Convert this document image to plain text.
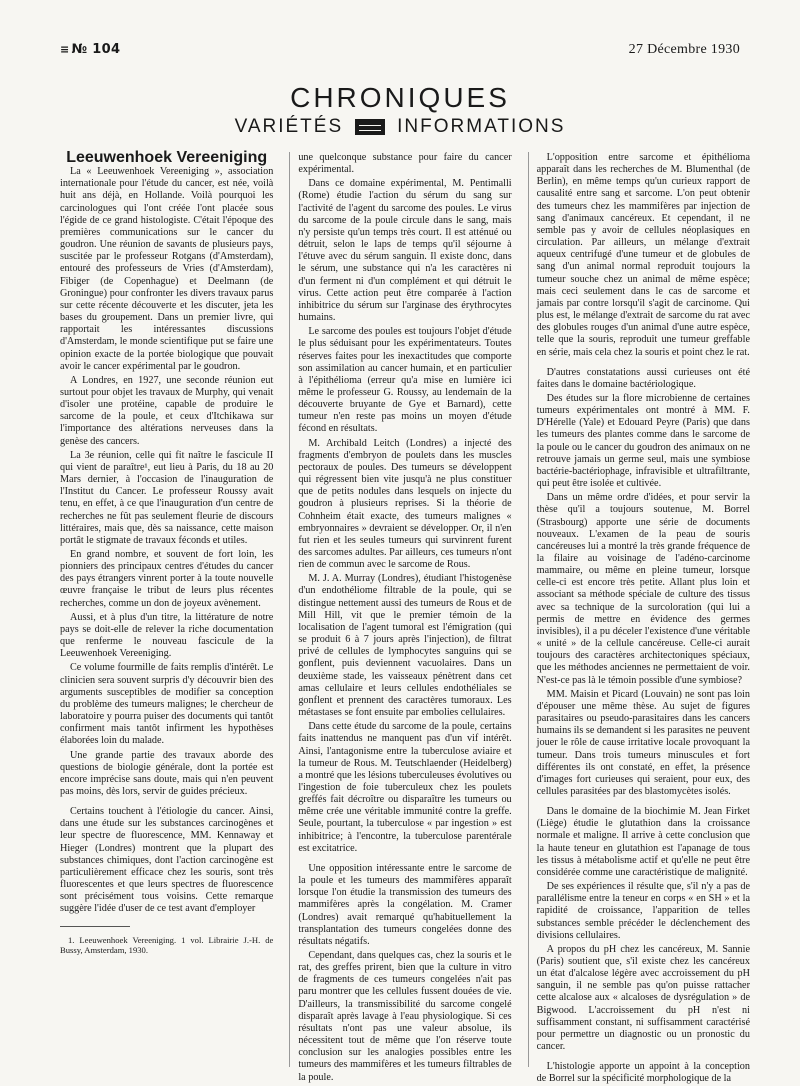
≡ № 104	27 Décembre 1930
CHRONIQUES
VARIÉTÉS	INFORMATIONS

Leeuwenhoek Vereeniging

La « Leeuwenhoek Vereeniging », association internationale pour l'étude du cancer, est née, voilà huit ans déjà, en Hollande. Voilà pourquoi les carcinologues qui l'ont créée l'ont placée sous l'égide de ce grand histologiste. C'était l'époque des premières communications sur le cancer du goudron. Une réunion de savants de plusieurs pays, suscitée par le professeur Rotgans (d'Amsterdam), entouré des professeurs de Vries (d'Amsterdam), Fibiger (de Copenhague) et Deelmann (de Groningue) pour confronter les divers travaux parus sur cette récente découverte et les discuter, jeta les bases du groupement. Dans un premier livre, qui rapportait les intéressantes discussions d'Amsterdam, le monde scientifique put se faire une opinion exacte de la portée biologique que pouvait avoir le cancer expérimental par le goudron.

A Londres, en 1927, une seconde réunion eut surtout pour objet les travaux de Murphy, qui venait d'isoler une protéine, capable de produire le sarcome de la poule, et ceux d'Itchikawa sur l'importance des altérations nerveuses dans la genèse des cancers.

La 3e réunion, celle qui fit naître le fascicule II qui vient de paraître¹, eut lieu à Paris, du 18 au 20 Mars dernier, à l'occasion de l'inauguration de l'Institut du Cancer. Le professeur Roussy avait tenu, en effet, à ce que l'inauguration d'un centre de recherches ne fût pas seulement fleurie de discours littéraires, mais que, dès sa naissance, cette maison portât le stigmate de travaux féconds et utiles.

En grand nombre, et souvent de fort loin, les pionniers des principaux centres d'études du cancer des pays étrangers vinrent porter à la toute nouvelle œuvre française le tribut de leurs plus récentes recherches, comme un don de joyeux avènement.

Aussi, et à plus d'un titre, la littérature de notre pays se doit-elle de relever la riche documentation que renferme le nouveau fascicule de la Leeuwenhoek Vereeniging.

Ce volume fourmille de faits remplis d'intérêt. Le clinicien sera souvent surpris d'y découvrir bien des arguments susceptibles de modifier sa conception du problème des tumeurs malignes; le chercheur de laboratoire y pourra puiser des documents qui tantôt confirment mais tantôt infirment les hypothèses élaborées loin du malade.

Une grande partie des travaux aborde des questions de biologie générale, dont la portée est encore imprécise sans doute, mais qui n'en peuvent pas moins, dès lors, servir de guides précieux.

Certains touchent à l'étiologie du cancer. Ainsi, dans une étude sur les substances carcinogènes et leur spectre de fluorescence, MM. Kennaway et Hieger (Londres) montrent que la plupart des substances chimiques, dont l'action carcinogène est particulièrement efficace chez les souris, sont très fluorescentes et que leurs spectres de fluorescence sont précisément tous voisins. Cette remarque suggère l'idée d'user de ce test avant d'employer

1. Leeuwenhoek Vereeniging. 1 vol. Librairie J.-H. de Bussy, Amsterdam, 1930.

une quelconque substance pour faire du cancer expérimental.

Dans ce domaine expérimental, M. Pentimalli (Rome) étudie l'action du sérum du sang sur l'activité de l'agent du sarcome des poules. Le virus du sarcome de la poule circule dans le sang, mais n'y persiste qu'un temps très court. Il est atténué ou détruit, selon le laps de temps qu'il séjourne à l'étuve avec du sérum sanguin. Il existe donc, dans le sérum, une substance qui n'a les caractères ni d'un ferment ni d'un complément et qui détruit le virus. Cette action peut être comparée à l'action inhibitrice du sérum sur l'arginase des érythrocytes humains.

Le sarcome des poules est toujours l'objet d'étude le plus séduisant pour les expérimentateurs. Toutes réserves faites pour les inexactitudes que comporte son assimilation au cancer humain, et en particulier à l'épithélioma (erreur qu'a mise en lumière ici même le professeur G. Roussy, au lendemain de la découverte bruyante de Gye et Barnard), cette tumeur n'en reste pas moins un moyen d'étude fécond en résultats.

M. Archibald Leitch (Londres) a injecté des fragments d'embryon de poulets dans les muscles pectoraux de poules. Des tumeurs se développent qui régressent bien vite jusqu'à ne plus constituer que de petits nodules dans lesquels on injecte du goudron à plusieurs reprises. Si la théorie de Cohnheim était exacte, des tumeurs malignes « embryonnaires » devraient se développer. Or, il n'en fut rien et les seules tumeurs qui survinrent furent des sarcomes adultes. Par ailleurs, ces tumeurs n'ont rien de commun avec le sarcome de Rous.

M. J. A. Murray (Londres), étudiant l'histogenèse d'un endothéliome filtrable de la poule, qui se distingue nettement aussi des tumeurs de Rous et de Mill Hill, vit que le premier témoin de la localisation de l'agent tumoral est l'émigration (qui se produit 6 à 7 jours après l'injection), de filtrat privé de cellules de lymphocytes sanguins qui se gonflent, puis deviennent vacuolaires. Dans un deuxième stade, les vaisseaux pénètrent dans cet amas cellulaire et leurs cellules endothéliales se gonflent et prennent des caractères tumoraux. Les métastases se font ensuite par embolies cellulaires.

Dans cette étude du sarcome de la poule, certains faits inattendus ne manquent pas d'un vif intérêt. Ainsi, l'antagonisme entre la tuberculose aviaire et la tumeur de Rous. M. Teutschlaender (Heidelberg) a montré que les lésions tuberculeuses évolutives ou l'ingestion de foie tuberculeux chez les poulets greffés fait décroître ou disparaître les tumeurs ou même crée une véritable immunité contre la greffe. Seule, pourtant, la tuberculose « par ingestion » est inhibitrice; à l'encontre, la tuberculose parentérale est excitatrice.

Une opposition intéressante entre le sarcome de la poule et les tumeurs des mammifères apparaît lorsque l'on étudie la transmission des tumeurs des mammifères après la congélation. M. Cramer (Londres) avait remarqué qu'habituellement la transplantation des tumeurs congelées donne des résultats négatifs.

Cependant, dans quelques cas, chez la souris et le rat, des greffes prirent, bien que la culture in vitro de fragments de ces tumeurs congelées n'ait pas paru montrer que les cellules fussent douées de vie. D'ailleurs, la transmissibilité du sarcome congelé disparaît après lavage à l'eau physiologique. Si ces résultats n'ont pas une valeur absolue, ils nécessitent tout de même que l'on réserve toute conclusion sur les analogies possibles entre les tumeurs des mammifères et les tumeurs filtrables de la poule.

L'opposition entre sarcome et épithélioma apparaît dans les recherches de M. Blumenthal (de Berlin), en même temps qu'un curieux rapport de causalité entre sang et sarcome. L'on peut obtenir des tumeurs chez les mammifères par injection de sang d'animaux cancéreux. Et cependant, il ne semble pas y avoir de cellules néoplasiques en circulation. Par ailleurs, un mélange d'extrait aqueux centrifugé d'une tumeur et de globules de sang d'un animal normal reproduit toujours la tumeur souche chez un animal de même espèce; mais ceci seulement dans le cas de sarcome et jamais par contre lorsqu'il s'agit de carcinome. Qui plus est, le mélange d'extrait de sarcome du rat avec des globules rouges d'un animal d'une autre espèce, telle que la souris, reproduit une tumeur greffable en série, mais cela chez la souris et point chez le rat.

D'autres constatations aussi curieuses ont été faites dans le domaine bactériologique.

Des études sur la flore microbienne de certaines tumeurs expérimentales ont montré à MM. F. D'Hérelle (Yale) et Edouard Peyre (Paris) que dans les tumeurs des plantes comme dans le sarcome de la poule ou le cancer du goudron des animaux on ne retrouve jamais un germe seul, mais une symbiose bactérie-bactériophage, infravisible et ultrafiltrante, qui peut être isolée et cultivée.

Dans un même ordre d'idées, et pour servir la thèse qu'il a toujours soutenue, M. Borrel (Strasbourg) apporte une série de documents nouveaux. L'examen de la peau de souris cancéreuses lui a montré la très grande fréquence de la filaire au voisinage de l'adéno-carcinome mammaire, ou même en pleine tumeur, lorsque celle-ci est encore très petite. Allant plus loin et associant sa méthode spéciale de culture des tissus avec sa technique de la surcoloration (qui lui a permis de mettre en évidence des germes invisibles), il a pu déceler l'existence d'une véritable « unité » de la cellule cancéreuse. Celle-ci aurait toujours des caractères architectoniques spéciaux, que les méthodes anciennes ne permettaient de voir. N'est-ce pas là le témoin possible d'une symbiose?

MM. Maisin et Picard (Louvain) ne sont pas loin d'épouser une même thèse. Au sujet de figures parasitaires ou pseudo-parasitaires dans les cancers humains ils se demandent si les parasites ne peuvent jouer le rôle de cause irritative locale provoquant la tumeur. Dans trois tumeurs minuscules et fort différentes ils ont constaté, en effet, la présence d'images fort curieuses qui seraient, pour eux, des cellules parasitées par des blastomycètes isolés.

Dans le domaine de la biochimie M. Jean Firket (Liège) étudie le glutathion dans la croissance normale et maligne. Il arrive à cette conclusion que la haute teneur en glutathion est l'apanage de tous les tissus à métabolisme actif et qu'elle ne peut être considérée comme une caractéristique de malignité.

De ses expériences il résulte que, s'il n'y a pas de parallélisme entre la teneur en corps « en SH » et la rapidité de croissance, l'apparition de telles substances semble précéder le déclenchement des divisions cellulaires.

A propos du pH chez les cancéreux, M. Sannie (Paris) soutient que, s'il existe chez les cancéreux un état d'alcalose légère avec accroissement du pH sanguin, il ne semble pas qu'on puisse rattacher cette alcalose aux « alcaloses de dysrégulation » de Bigwood. L'accroissement du pH n'est ni suffisamment constant, ni suffisamment caractérisé pour permettre un diagnostic ou un pronostic du cancer.

L'histologie apporte un appoint à la conception de Borrel sur la spécificité morphologique de la
